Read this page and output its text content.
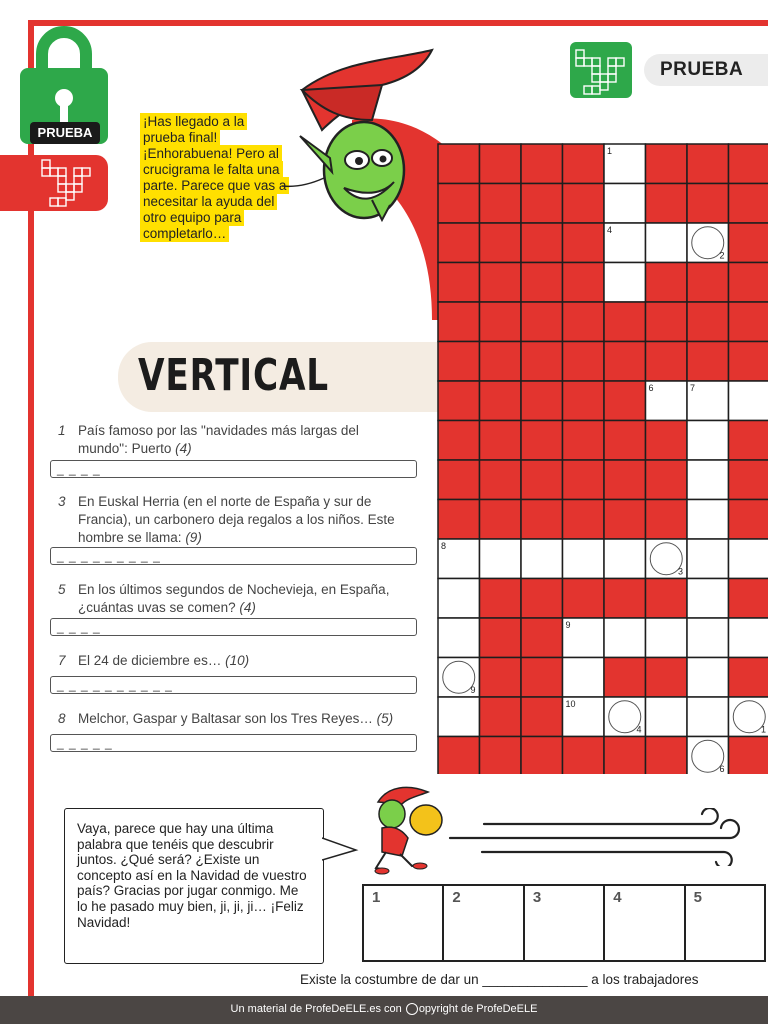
PRUEBA
¡Has llegado a la prueba final! ¡Enhorabuena! Pero al crucigrama le falta una parte. Parece que vas a necesitar la ayuda del otro equipo para completarlo…
PRUEBA
VERTICAL
1 País famoso por las "navidades más largas del mundo": Puerto (4)
_ _ _ _
3 En Euskal Herria (en el norte de España y sur de Francia), un carbonero deja regalos a los niños. Este hombre se llama: (9)
_ _ _ _ _ _ _ _ _
5 En los últimos segundos de Nochevieja, en España, ¿cuántas uvas se comen? (4)
_ _ _ _
7 El 24 de diciembre es… (10)
_ _ _ _ _ _ _ _ _ _
8 Melchor, Gaspar y Baltasar son los Tres Reyes… (5)
_ _ _ _ _
1
4
2
6	7
8
3
9
9
10
4	1
6
Vaya, parece que hay una última palabra que tenéis que descubrir juntos. ¿Qué será? ¿Existe un concepto así en la Navidad de vuestro país? Gracias por jugar conmigo. Me lo he pasado muy bien, ji, ji, ji… ¡Feliz Navidad!
1	2	3	4	5
Existe la costumbre de dar un ______________ a los trabajadores
Un material de ProfeDeELE.es con opyright de ProfeDeELE
